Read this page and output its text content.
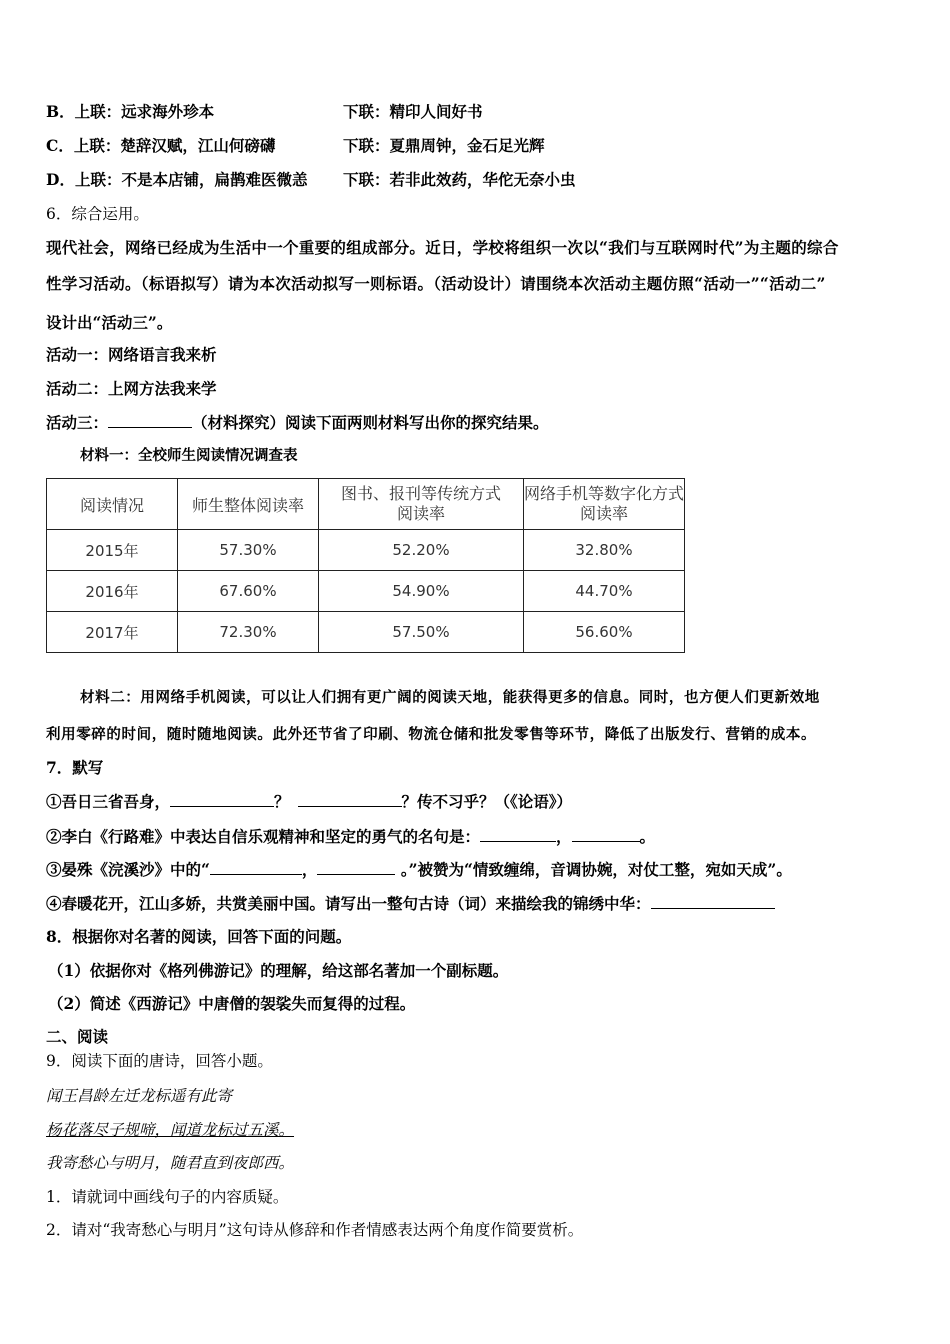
B．上联：远求海外珍本	下联：精印人间好书
C．上联：楚辞汉赋，江山何磅礴	下联：夏鼎周钟，金石足光辉
D．上联：不是本店铺，扁鹊难医微恙 下联：若非此效药，华佗无奈小虫
6．综合运用。
现代社会，网络已经成为生活中一个重要的组成部分。近日，学校将组织一次以“我们与互联网时代”为主题的综合
性学习活动。（标语拟写）请为本次活动拟写一则标语。（活动设计）请围绕本次活动主题仿照“活动一”“活动二”
设计出“活动三”。
活动一：网络语言我来析
活动二：上网方法我来学
活动三：	（材料探究）阅读下面两则材料写出你的探究结果。
材料一：全校师生阅读情况调查表
阅读情况	师生整体阅读率	图书、报刊等传统方式阅读率	网络手机等数字化方式阅读率
2015年	57.30%	52.20%	32.80%
2016年	67.60%	54.90%	44.70%
2017年	72.30%	57.50%	56.60%
材料二：用网络手机阅读，可以让人们拥有更广阔的阅读天地，能获得更多的信息。同时，也方便人们更新效地
利用零碎的时间，随时随地阅读。此外还节省了印刷、物流仓储和批发零售等环节，降低了出版发行、营销的成本。
7．默写
①吾日三省吾身，	？	？传不习乎？（《论语》）
②李白《行路难》中表达自信乐观精神和坚定的勇气的名句是：	，	。
③晏殊《浣溪沙》中的“	，	。”被赞为“情致缠绵，音调协婉，对仗工整，宛如天成”。
④春暖花开，江山多娇，共赏美丽中国。请写出一整句古诗（词）来描绘我的锦绣中华：
8．根据你对名著的阅读，回答下面的问题。
（1）依据你对《格列佛游记》的理解，给这部名著加一个副标题。
（2）简述《西游记》中唐僧的袈裟失而复得的过程。
二、阅读
9．阅读下面的唐诗，回答小题。
闻王昌龄左迁龙标遥有此寄
杨花落尽子规啼，闻道龙标过五溪。
我寄愁心与明月，随君直到夜郎西。
1．请就词中画线句子的内容质疑。
2．请对“我寄愁心与明月”这句诗从修辞和作者情感表达两个角度作简要赏析。
